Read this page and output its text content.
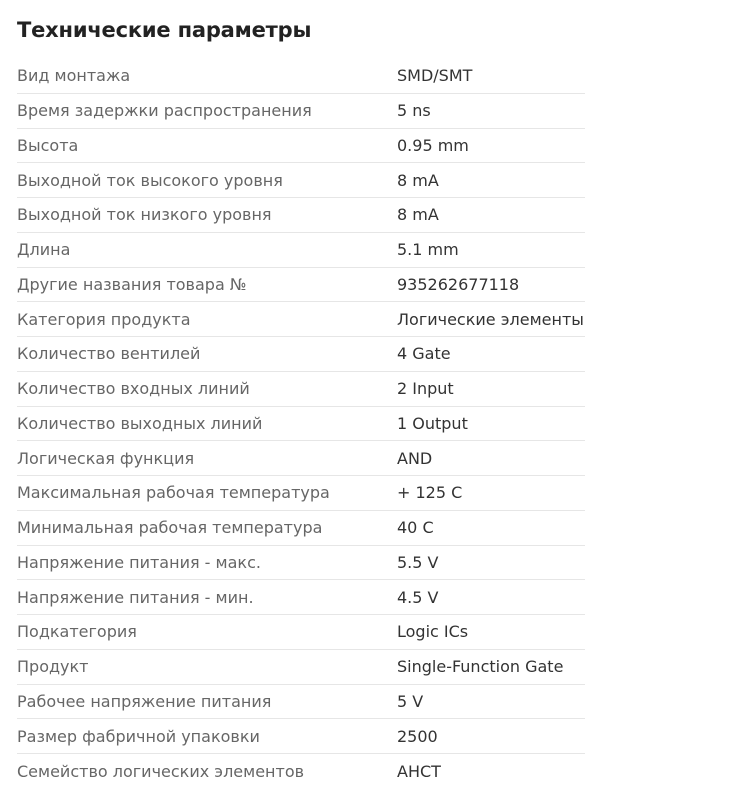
Технические параметры
Вид монтажа	SMD/SMT
Время задержки распространения	5 ns
Высота	0.95 mm
Выходной ток высокого уровня	8 mA
Выходной ток низкого уровня	8 mA
Длина	5.1 mm
Другие названия товара №	935262677118
Категория продукта	Логические элементы
Количество вентилей	4 Gate
Количество входных линий	2 Input
Количество выходных линий	1 Output
Логическая функция	AND
Максимальная рабочая температура	+ 125 C
Минимальная рабочая температура	40 C
Напряжение питания - макс.	5.5 V
Напряжение питания - мин.	4.5 V
Подкатегория	Logic ICs
Продукт	Single-Function Gate
Рабочее напряжение питания	5 V
Размер фабричной упаковки	2500
Семейство логических элементов	AHCT
